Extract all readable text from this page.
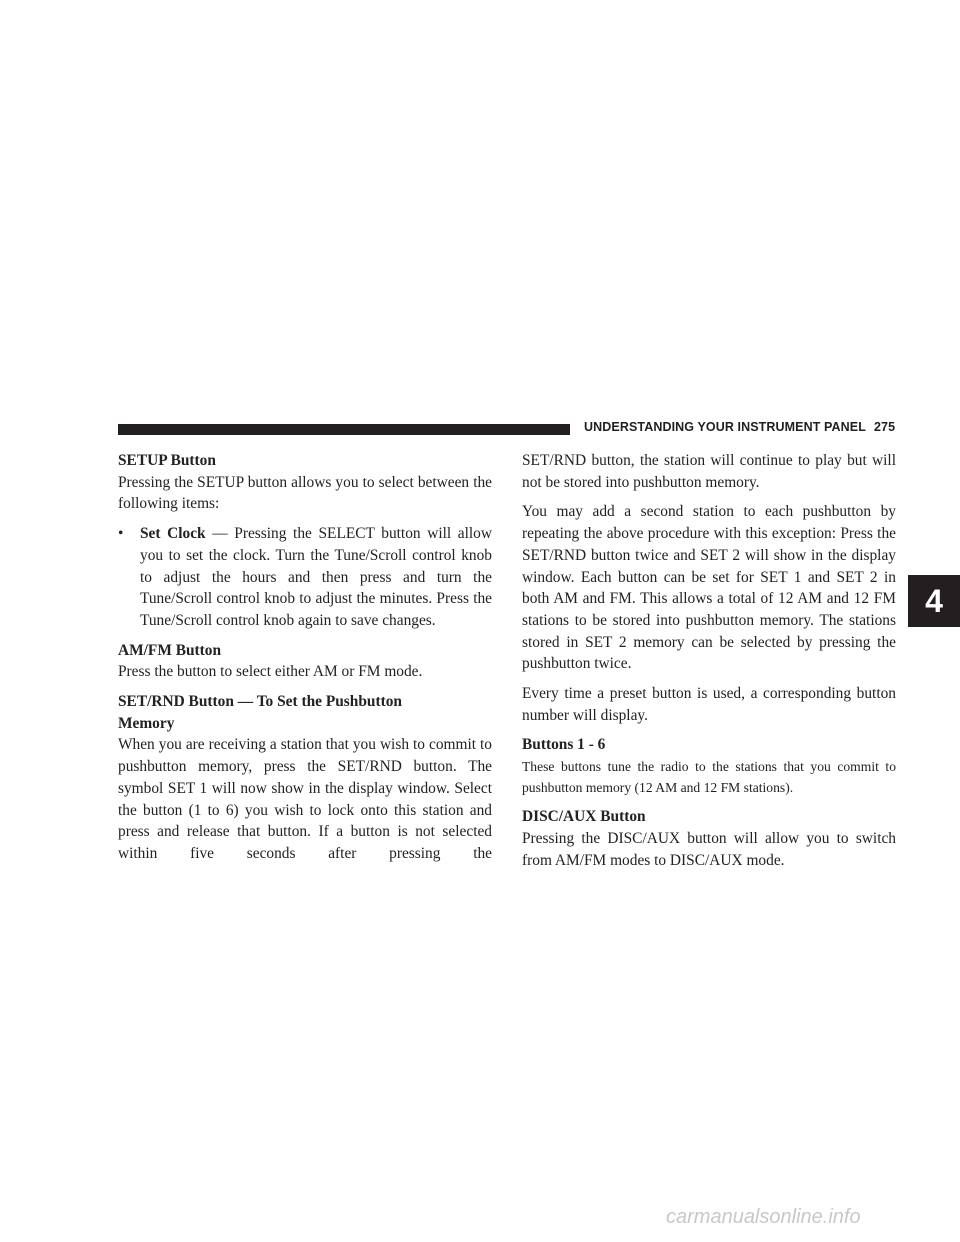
UNDERSTANDING YOUR INSTRUMENT PANEL 275
4
SETUP Button

Pressing the SETUP button allows you to select between the following items:

• Set Clock — Pressing the SELECT button will allow you to set the clock. Turn the Tune/Scroll control knob to adjust the hours and then press and turn the Tune/Scroll control knob to adjust the minutes. Press the Tune/Scroll control knob again to save changes.
AM/FM Button

Press the button to select either AM or FM mode.

SET/RND Button — To Set the Pushbutton Memory

When you are receiving a station that you wish to commit to pushbutton memory, press the SET/RND button. The symbol SET 1 will now show in the display window. Select the button (1 to 6) you wish to lock onto this station and press and release that button. If a button is not selected within five seconds after pressing the

SET/RND button, the station will continue to play but will not be stored into pushbutton memory.

You may add a second station to each pushbutton by repeating the above procedure with this exception: Press the SET/RND button twice and SET 2 will show in the display window. Each button can be set for SET 1 and SET 2 in both AM and FM. This allows a total of 12 AM and 12 FM stations to be stored into pushbutton memory. The stations stored in SET 2 memory can be selected by pressing the pushbutton twice.

Every time a preset button is used, a corresponding button number will display.

Buttons 1 - 6

These buttons tune the radio to the stations that you commit to pushbutton memory (12 AM and 12 FM stations).

DISC/AUX Button

Pressing the DISC/AUX button will allow you to switch from AM/FM modes to DISC/AUX mode.

carmanualsonline.info
